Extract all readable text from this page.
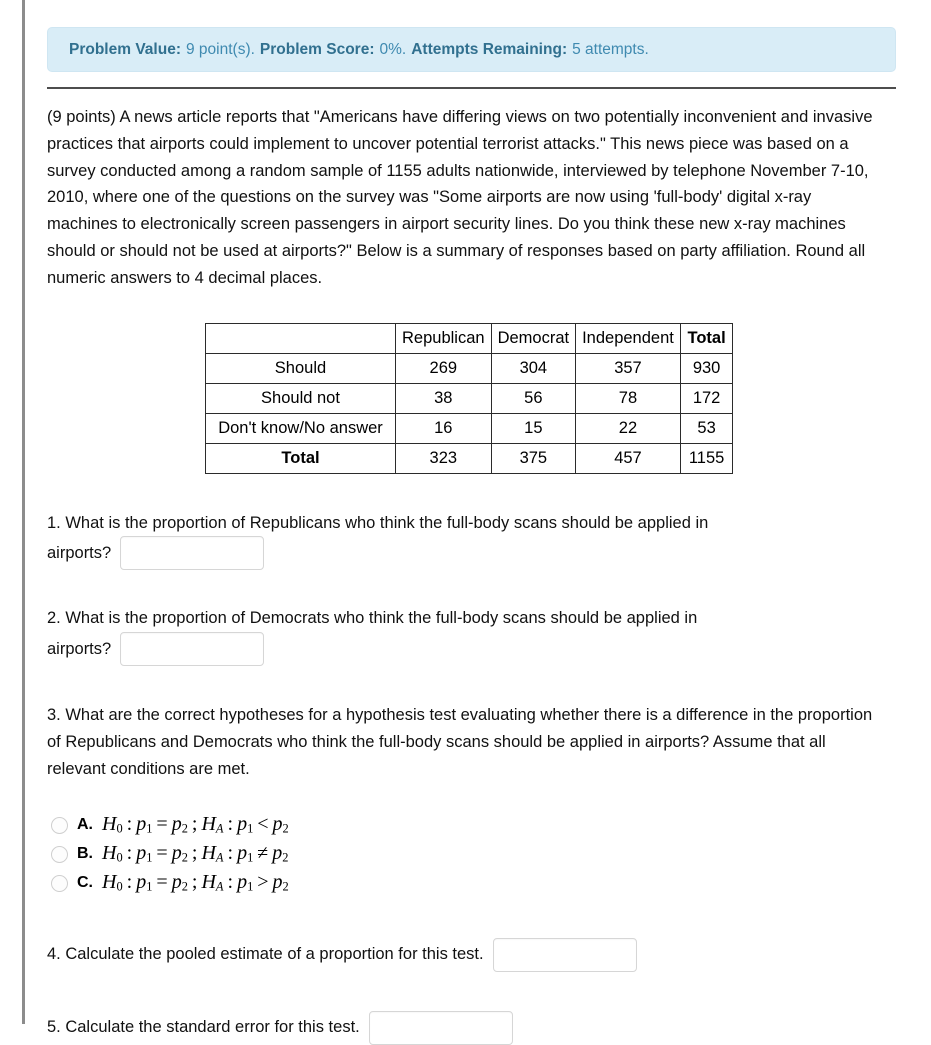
Problem Value : 9 point(s). Problem Score : 0%. Attempts Remaining : 5 attempts.
(9 points) A news article reports that "Americans have differing views on two potentially inconvenient and invasive practices that airports could implement to uncover potential terrorist attacks." This news piece was based on a survey conducted among a random sample of 1155 adults nationwide, interviewed by telephone November 7-10, 2010, where one of the questions on the survey was "Some airports are now using 'full-body' digital x-ray machines to electronically screen passengers in airport security lines. Do you think these new x-ray machines should or should not be used at airports?" Below is a summary of responses based on party affiliation. Round all numeric answers to 4 decimal places.
	Republican	Democrat	Independent	Total
Should	269	304	357	930
Should not	38	56	78	172
Don't know/No answer	16	15	22	53
Total	323	375	457	1155
1. What is the proportion of Republicans who think the full-body scans should be applied in
airports?
2. What is the proportion of Democrats who think the full-body scans should be applied in
airports?
3. What are the correct hypotheses for a hypothesis test evaluating whether there is a difference in the proportion of Republicans and Democrats who think the full-body scans should be applied in airports? Assume that all relevant conditions are met.
A. $H_0$ : $p_1 = p_2$ ; $H_A$ : $p_1 < p_2$
B. $H_0$ : $p_1 = p_2$ ; $H_A$ : $p_1 \ne p_2$
C. $H_0$ : $p_1 = p_2$ ; $H_A$ : $p_1 > p_2$
4. Calculate the pooled estimate of a proportion for this test.
5. Calculate the standard error for this test.
